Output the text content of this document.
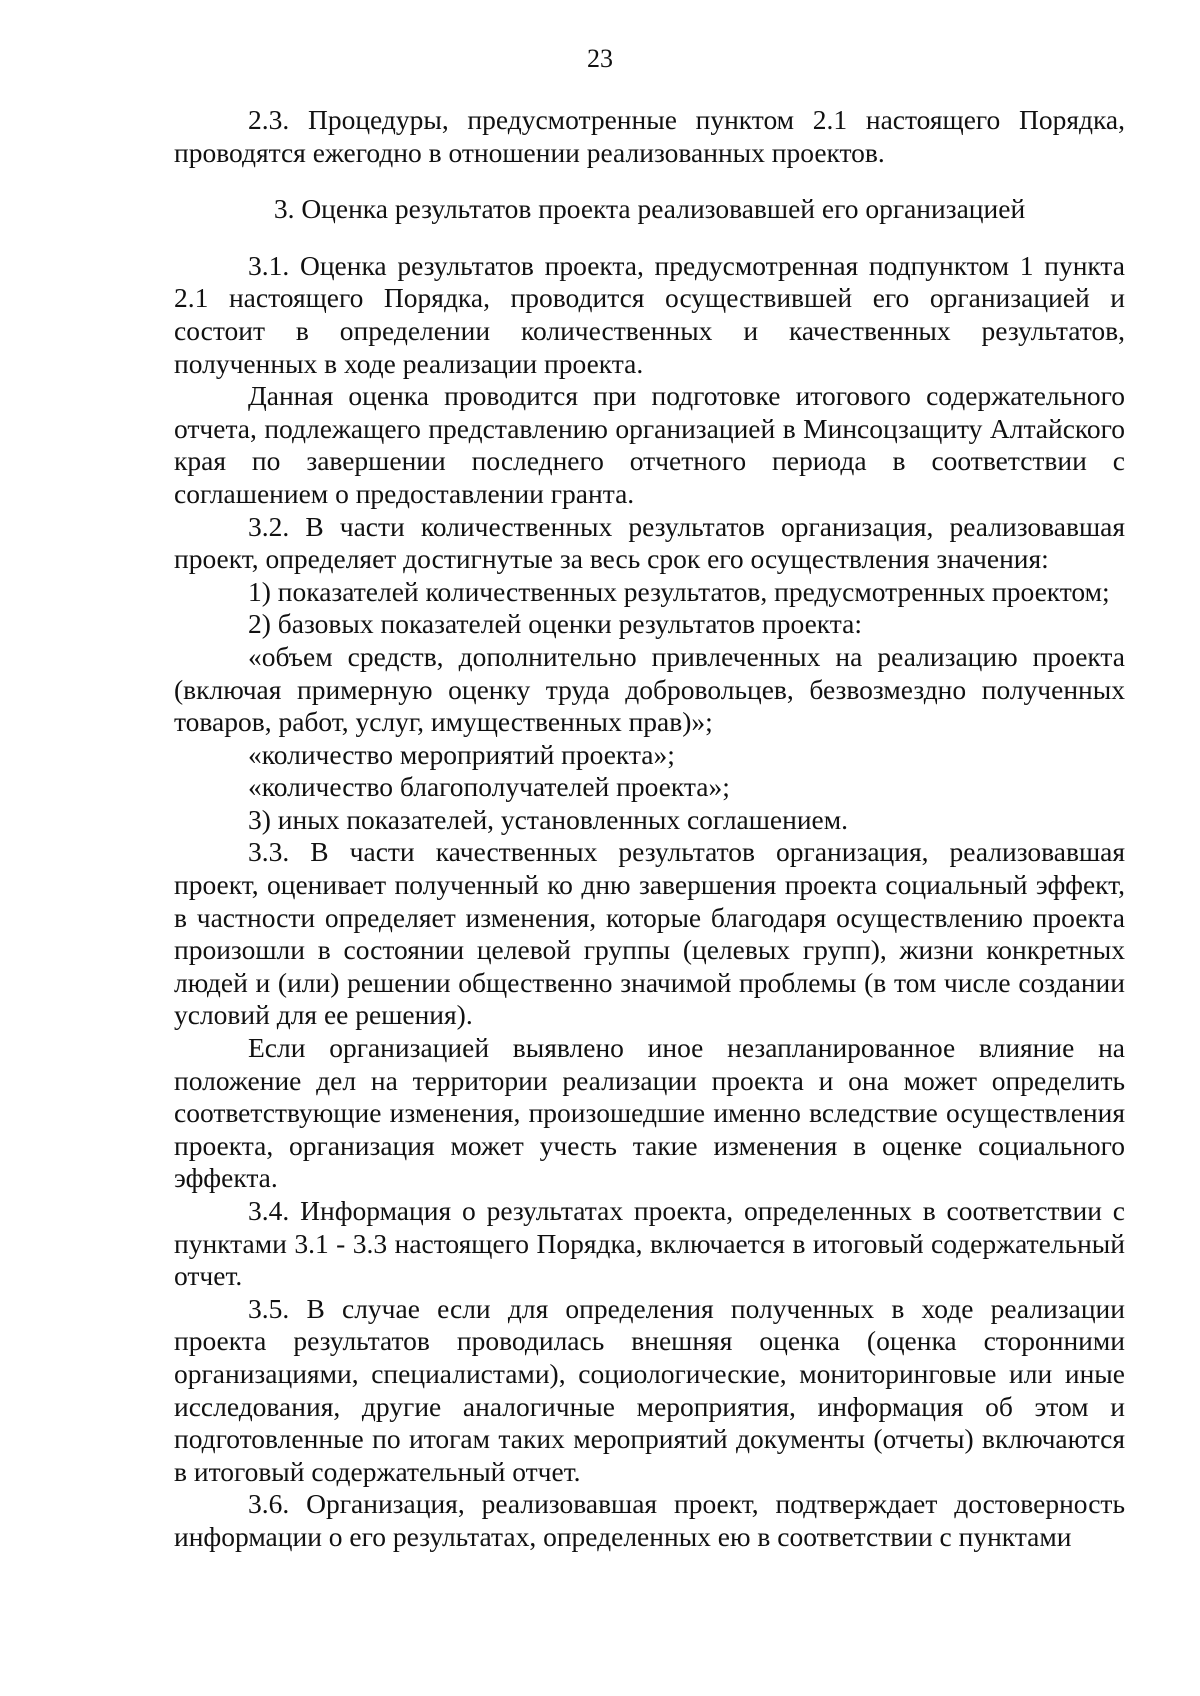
23

2.3. Процедуры, предусмотренные пунктом 2.1 настоящего Порядка, проводятся ежегодно в отношении реализованных проектов.

3. Оценка результатов проекта реализовавшей его организацией

3.1. Оценка результатов проекта, предусмотренная подпунктом 1 пункта 2.1 настоящего Порядка, проводится осуществившей его организацией и состоит в определении количественных и качественных результатов, полученных в ходе реализации проекта.

Данная оценка проводится при подготовке итогового содержательного отчета, подлежащего представлению организацией в Минсоцзащиту Алтайского края по завершении последнего отчетного периода в соответствии с соглашением о предоставлении гранта.

3.2. В части количественных результатов организация, реализовавшая проект, определяет достигнутые за весь срок его осуществления значения:

1) показателей количественных результатов, предусмотренных проектом;

2) базовых показателей оценки результатов проекта:

«объем средств, дополнительно привлеченных на реализацию проекта (включая примерную оценку труда добровольцев, безвозмездно полученных товаров, работ, услуг, имущественных прав)»;

«количество мероприятий проекта»;

«количество благополучателей проекта»;

3) иных показателей, установленных соглашением.

3.3. В части качественных результатов организация, реализовавшая проект, оценивает полученный ко дню завершения проекта социальный эффект, в частности определяет изменения, которые благодаря осуществлению проекта произошли в состоянии целевой группы (целевых групп), жизни конкретных людей и (или) решении общественно значимой проблемы (в том числе создании условий для ее решения).

Если организацией выявлено иное незапланированное влияние на положение дел на территории реализации проекта и она может определить соответствующие изменения, произошедшие именно вследствие осуществления проекта, организация может учесть такие изменения в оценке социального эффекта.

3.4. Информация о результатах проекта, определенных в соответствии с пунктами 3.1 - 3.3 настоящего Порядка, включается в итоговый содержательный отчет.

3.5. В случае если для определения полученных в ходе реализации проекта результатов проводилась внешняя оценка (оценка сторонними организациями, специалистами), социологические, мониторинговые или иные исследования, другие аналогичные мероприятия, информация об этом и подготовленные по итогам таких мероприятий документы (отчеты) включаются в итоговый содержательный отчет.

3.6. Организация, реализовавшая проект, подтверждает достоверность информации о его результатах, определенных ею в соответствии с пунктами
